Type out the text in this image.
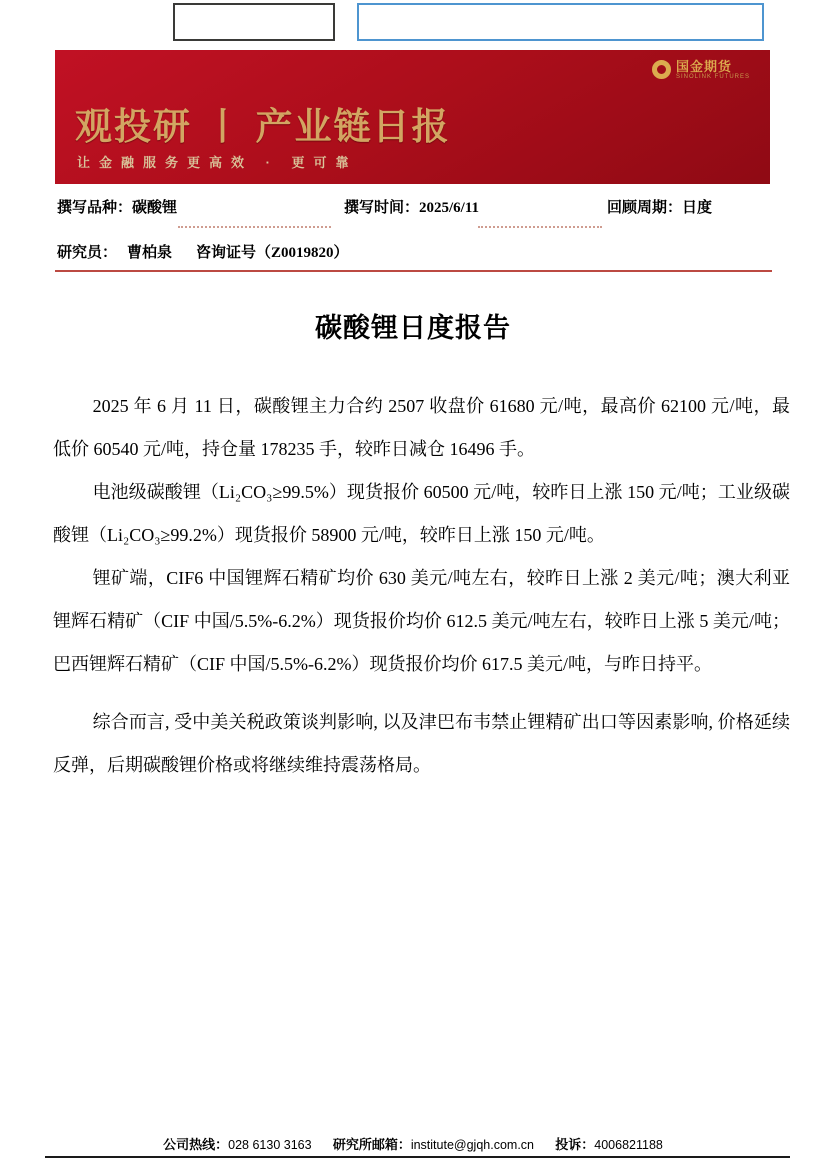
国金期货
SINOLINK FUTURES
观投研 丨 产业链日报
让金融服务更高效 · 更可靠
撰写品种：碳酸锂	撰写时间：2025/6/11	回顾周期：日度
研究员： 曹柏泉 咨询证号（Z0019820）
碳酸锂日度报告

2025 年 6 月 11 日，碳酸锂主力合约 2507 收盘价 61680 元/吨，最高价 62100 元/吨，最低价 60540 元/吨，持仓量 178235 手，较昨日减仓 16496 手。

电池级碳酸锂（Li₂CO₃≥99.5%）现货报价 60500 元/吨，较昨日上涨 150 元/吨；工业级碳酸锂（Li₂CO₃≥99.2%）现货报价 58900 元/吨，较昨日上涨 150 元/吨。

锂矿端，CIF6 中国锂辉石精矿均价 630 美元/吨左右，较昨日上涨 2 美元/吨；澳大利亚锂辉石精矿（CIF 中国/5.5%-6.2%）现货报价均价 612.5 美元/吨左右，较昨日上涨 5 美元/吨；巴西锂辉石精矿（CIF 中国/5.5%-6.2%）现货报价均价 617.5 美元/吨，与昨日持平。

综合而言, 受中美关税政策谈判影响, 以及津巴布韦禁止锂精矿出口等因素影响, 价格延续反弹，后期碳酸锂价格或将继续维持震荡格局。

公司热线：028 6130 3163 研究所邮箱：institute@gjqh.com.cn 投诉：4006821188
